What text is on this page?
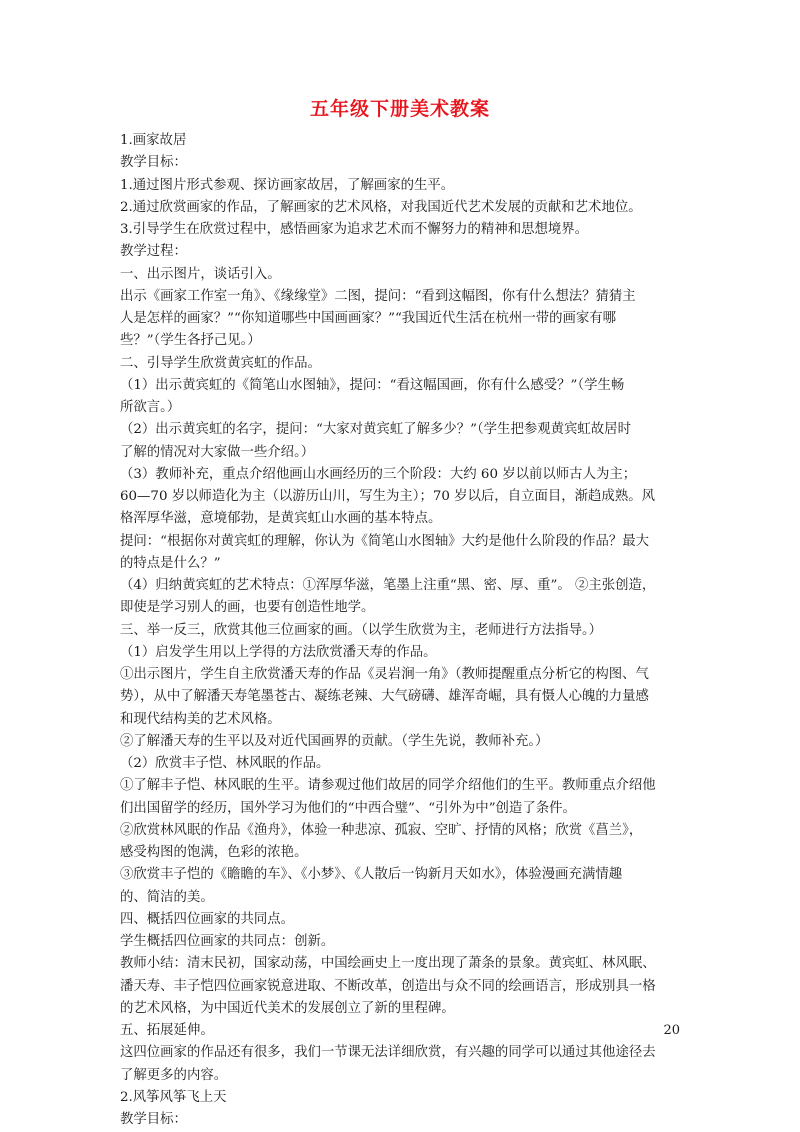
五年级下册美术教案
1.画家故居
教学目标：
1.通过图片形式参观、探访画家故居，了解画家的生平。
2.通过欣赏画家的作品，了解画家的艺术风格，对我国近代艺术发展的贡献和艺术地位。
3.引导学生在欣赏过程中，感悟画家为追求艺术而不懈努力的精神和思想境界。
教学过程：
一、出示图片，谈话引入。
出示《画家工作室一角》、《缘缘堂》二图，提问：“看到这幅图，你有什么想法？猜猜主
人是怎样的画家？”“你知道哪些中国画画家？”“我国近代生活在杭州一带的画家有哪
些？”（学生各抒己见。）
二、引导学生欣赏黄宾虹的作品。
（1）出示黄宾虹的《简笔山水图轴》，提问：“看这幅国画，你有什么感受？”（学生畅
所欲言。）
（2）出示黄宾虹的名字，提问：“大家对黄宾虹了解多少？”（学生把参观黄宾虹故居时
了解的情况对大家做一些介绍。）
（3）教师补充，重点介绍他画山水画经历的三个阶段：大约 60 岁以前以师古人为主；
60—70 岁以师造化为主（以游历山川，写生为主）；70 岁以后，自立面目，渐趋成熟。风
格浑厚华滋，意境郁勃，是黄宾虹山水画的基本特点。
提问：“根据你对黄宾虹的理解，你认为《简笔山水图轴》大约是他什么阶段的作品？最大
的特点是什么？”
（4）归纳黄宾虹的艺术特点：①浑厚华滋，笔墨上注重“黑、密、厚、重”。 ②主张创造，
即使是学习别人的画，也要有创造性地学。
三、举一反三，欣赏其他三位画家的画。（以学生欣赏为主，老师进行方法指导。）
（1）启发学生用以上学得的方法欣赏潘天寿的作品。
①出示图片，学生自主欣赏潘天寿的作品《灵岩涧一角》（教师提醒重点分析它的构图、气
势），从中了解潘天寿笔墨苍古、凝练老辣、大气磅礴、雄浑奇崛，具有慑人心魄的力量感
和现代结构美的艺术风格。
②了解潘天寿的生平以及对近代国画界的贡献。（学生先说，教师补充。）
（2）欣赏丰子恺、林风眠的作品。
①了解丰子恺、林风眠的生平。请参观过他们故居的同学介绍他们的生平。教师重点介绍他
们出国留学的经历，国外学习为他们的“中西合璧”、“引外为中”创造了条件。
②欣赏林风眠的作品《渔舟》，体验一种悲凉、孤寂、空旷、抒情的风格；欣赏《菖兰》，
感受构图的饱满，色彩的浓艳。
③欣赏丰子恺的《瞻瞻的车》、《小梦》、《人散后一钩新月天如水》，体验漫画充满情趣
的、简洁的美。
四、概括四位画家的共同点。
学生概括四位画家的共同点：创新。
教师小结：清末民初，国家动荡，中国绘画史上一度出现了萧条的景象。黄宾虹、林风眠、
潘天寿、丰子恺四位画家锐意进取、不断改革，创造出与众不同的绘画语言，形成别具一格
的艺术风格，为中国近代美术的发展创立了新的里程碑。
五、拓展延伸。
这四位画家的作品还有很多，我们一节课无法详细欣赏，有兴趣的同学可以通过其他途径去
了解更多的内容。
2.风筝风筝飞上天
教学目标：
20
